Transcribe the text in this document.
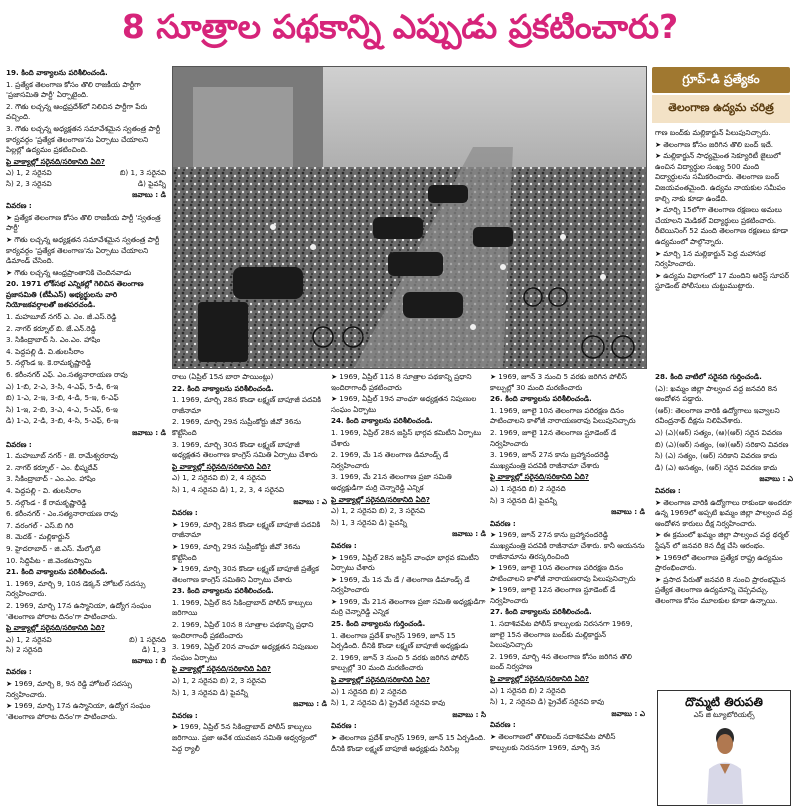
8 సూత్రాల పథకాన్ని ఎప్పుడు ప్రకటించారు?

19. కింది వాక్యాలను పరిశీలించండి.

1. ప్రత్యేక తెలంగాణ కోసం తొలి రాజకీయ పార్టీగా 'ప్రజాసమితి పార్టీ' ఏర్పాటైంది.

2. గౌతు లచ్చన్న ఆంధ్రప్రదేశ్‌లో నిలిచిన పార్టీగా పేరు వచ్చింది.

3. గౌతు లచ్చన్న అధ్యక్షతన సమావేశమైన స్వతంత్ర పార్టీ కార్యవర్గం 'ప్రత్యేక తెలంగాణ'ను ఏర్పాటు చేయాలని పిల్లల్లో ఉద్యమం ప్రకటించింది.

పై వాక్యాల్లో సరైనది/సరికానిది ఏది?

ఎ) 1, 2 సరైనవి	బి) 1, 3 సరైనవి
సి) 2, 3 సరైనవి	డి) పైవన్నీ

జవాబు : డి

వివరణ :

➤ ప్రత్యేక తెలంగాణ కోసం తొలి రాజకీయ పార్టీ 'స్వతంత్ర పార్టీ'

➤ గౌతు లచ్చన్న అధ్యక్షతన సమావేశమైన స్వతంత్ర పార్టీ కార్యవర్గం 'ప్రత్యేక తెలంగాణ'ను ఏర్పాటు చేయాలని డిమాండ్ చేసింది.

➤ గౌతు లచ్చన్న ఆంధ్రప్రాంతానికి చెందినవాడు

20. 1971 లోక్‌సభ ఎన్నికల్లో గెలిచిన తెలంగాణ ప్రజాసమితి (టీపీఎస్) అభ్యర్థులను వారి నియోజకవర్గాలతో జతపరచండి.

1. మహబూబ్ నగర్ ఎ. ఎం. జీ.ఎస్.రెడ్డి

2. నాగర్ కర్నూల్ బి. జే.ఎన్.రెడ్డి

3. సికింద్రాబాద్ సి. ఎం.ఎం. హాషిం

4. పెద్దపల్లి డి. వి.తులసీరాం

5. నల్గొండ ఇ. కె.రామకృష్ణారెడ్డి

6. కరీంనగర్ ఎఫ్. ఎం.సత్యనారాయణ రావు

ఎ) 1-బి, 2-ఎ, 3-సి, 4-ఎఫ్, 5-డి, 6-ఇ

బి) 1-ఎ, 2-ఇ, 3-బి, 4-డి, 5-ఇ, 6-ఎఫ్

సి) 1-ఇ, 2-బి, 3-ఎ, 4-ఎ, 5-ఎఫ్, 6-ఇ

డి) 1-ఎ, 2-డి, 3-బి, 4-సి, 5-ఎఫ్, 6-ఇ

జవాబు : డి

వివరణ :

1. మహబూబ్ నగర్ - జె. రామేశ్వరరావు

2. నాగర్ కర్నూల్ - ఎం. భీష్మదేవ్

3. సికింద్రాబాద్ - ఎం.ఎం. హాషిం

4. పెద్దపల్లి - వి. తులసీరాం

5. నల్గొండ - కే రామకృష్ణారెడ్డి

6. కరీంనగర్ - ఎం.సత్యనారాయణ రావు

7. వరంగల్ - ఎస్.బి గిరి

8. మెదక్ - మల్లికార్జున్

9. హైదరాబాద్ - జి.ఎస్. మేల్కోటె

10. సిద్దిపేట - జి.వెంకటస్వామి

21. కింది వాక్యాలను పరిశీలించండి.

1. 1969, మార్చి 9, 10న డెక్కన్ హోటల్ సదస్సు నిర్వహించారు.

2. 1969, మార్చి 17న ఉస్మానియా, ఉద్యోగ సంఘం 'తెలంగాణ పోరాట దినం'గా పాటించారు.

పై వాక్యాల్లో సరైనది/సరికానిది ఏది?

ఎ) 1, 2 సరైనవి	బి) 1 సరైనది
సి) 2 సరైనది	డి) 1, 3

జవాబు : బి

వివరణ :

➤ 1969, మార్చి 8, 9న రెడ్డి హోటల్ సదస్సు నిర్వహించారు.

➤ 1969, మార్చి 17న ఉస్మానియా, ఉద్యోగ సంఘం 'తెలంగాణ పోరాట దినం'గా పాటించారు.

గ్రూప్-డి ప్రత్యేకం
తెలంగాణ ఉద్యమ చరిత్ర

గాణ బంద్‌కు మల్లికార్జున్ పిలుపునిచ్చారు.

➤ తెలంగాణ కోసం జరిగిన తొలి బంద్ ఇదే.

➤ మల్లికార్జున్ సాధ్యమైంత సెక్యూరిటీ జైలులో ఉంచిన విద్యార్థుల సంఖ్య 500 మంది విద్యార్థులను సమీకరించారు. తెలంగాణ బంద్ విజయవంతమైంది. ఉద్యమ నాయకుల సమీపం కాల్చి నాకు కూడా ఉండేది.

➤ మార్చి 15లోగా తెలంగాణ రక్షణలు అమలు చేయాలని మెడికల్ విద్యార్థులు ప్రకటించారు. రీటెయినింగ్ 52 మంది తెలంగాణ రక్షణలు కూడా ఉద్యమంలో పాల్గొన్నారు.

➤ మార్చి 1న మల్లికార్జున్ పెద్ద మహాసభ నిర్వహించారు.

➤ ఉద్యమ విభాగంలో 17 మందిని అరెస్ట్ సూపర్ స్టూడెంట్ పోలీసులు చుట్టుముట్టారు.

రాలు (ఏప్రిల్ 15న బారా పాయింట్లు)

22. కింది వాక్యాలను పరిశీలించండి.

1. 1969, మార్చి 28న కొండా లక్ష్మణ్ బాపూజీ పదవికి రాజీనామా

2. 1969, మార్చి 29న సుప్రీంకోర్టు జీవో 36ను కొట్టేసింది

3. 1969, మార్చి 30న కొండా లక్ష్మణ్ బాపూజీ అధ్యక్షతన తెలంగాణ కాంగ్రెస్ సమితి ఏర్పాటు చేశారు

పై వాక్యాల్లో సరైనది/సరికానిది ఏది?

ఎ) 1, 2 సరైనవి బి) 2, 4 సరైనవి

సి) 1, 4 సరైనవి డి) 1, 2, 3, 4 సరైనవి

జవాబు : ఎ

వివరణ :

➤ 1969, మార్చి 28న కొండా లక్ష్మణ్ బాపూజీ పదవికి రాజీనామా

➤ 1969, మార్చి 29న సుప్రీంకోర్టు జీవో 36ను కొట్టేసింది

➤ 1969, మార్చి 30న కొండా లక్ష్మణ్ బాపూజీ ప్రత్యేక తెలంగాణ కాంగ్రెస్ సమితిని ఏర్పాటు చేశారు

23. కింది వాక్యాలను పరిశీలించండి.

1. 1969, ఏప్రిల్ 8న సికింద్రాబాద్ పోలీస్ కాల్పులు జరిగాయి

2. 1969, ఏప్రిల్ 10న 8 సూత్రాల పథకాన్ని ప్రధాని ఇందిరాగాంధీ ప్రకటించారు

3. 1969, ఏప్రిల్ 20న వాంఛూ అధ్యక్షతన నిపుణుల సంఘం ఏర్పాటు

పై వాక్యాల్లో సరైనది/సరికానిది ఏది?

ఎ) 1, 2 సరైనవి బి) 2, 3 సరైనవి

సి) 1, 3 సరైనవి డి) పైవన్నీ

జవాబు : డి

వివరణ :

➤ 1969, ఏప్రిల్ 5న సికింద్రాబాద్ పోలీస్ కాల్పులు జరిగాయి. ప్రజా ఆవేశ యువజన సమితి ఆధ్వర్యంలో పెద్ద ర్యాలీ

➤ 1969, ఏప్రిల్ 11న 8 సూత్రాల పథకాన్ని ప్రధాని ఇందిరాగాంధీ ప్రకటించారు

➤ 1969, ఏప్రిల్ 19న వాంఛూ అధ్యక్షతన నిపుణుల సంఘం ఏర్పాటు

24. కింది వాక్యాలను పరిశీలించండి.

1. 1969, ఏప్రిల్ 28న జస్టిస్ భార్గవ కమిటీని ఏర్పాటు చేశారు

2. 1969, మే 1న తెలంగాణ డిమాండ్స్ డే నిర్వహించారు

3. 1969, మే 21న తెలంగాణ ప్రజా సమితి అధ్యక్షుడిగా మర్రి చెన్నారెడ్డి ఎన్నిక

పై వాక్యాల్లో సరైనది/సరికానిది ఏది?

ఎ) 1, 2 సరైనవి బి) 2, 3 సరైనవి

సి) 1, 3 సరైనవి డి) పైవన్నీ

జవాబు : డి

వివరణ :

➤ 1969, ఏప్రిల్ 28న జస్టిస్ వాంఛూ భార్గవ కమిటీని ఏర్పాటు చేశారు

➤ 1969, మే 1న మే డే / తెలంగాణ డిమాండ్స్ డే నిర్వహించారు

➤ 1969, మే 21న తెలంగాణ ప్రజా సమితి అధ్యక్షుడిగా మర్రి చెన్నారెడ్డి ఎన్నిక

25. కింది వాక్యాలను గుర్తించండి.

1. తెలంగాణ ప్రదేశ్ కాంగ్రెస్ 1969, జూన్ 15 ఏర్పడింది. దీనికి కొండా లక్ష్మణ్ బాపూజీ అధ్యక్షుడు

2. 1969, జూన్ 3 నుంచి 5 వరకు జరిగిన పోలీస్ కాల్పుల్లో 30 మంది మరణించారు

పై వాక్యాల్లో సరైనది/సరికానిది ఏది?

ఎ) 1 సరైనది బి) 2 సరైనది

సి) 1, 2 సరైనవి డి) ప్రైవేటే సరైనవి కావు

జవాబు : సి

వివరణ :

➤ తెలంగాణ ప్రదేశ్ కాంగ్రెస్ 1969, జూన్ 15 ఏర్పడింది. దీనికి కొండా లక్ష్మణ్ బాపూజీ అధ్యక్షుడు సిరిసిల్ల

➤ 1969, జూన్ 3 నుంచి 5 వరకు జరిగిన పోలీస్ కాల్పుల్లో 30 మంది మరణించారు

26. కింది వాక్యాలను పరిశీలించండి.

1. 1969, జూలై 10న తెలంగాణ పరిరక్షణ దినం పాటించాలని కాళోజీ నారాయణరావు పిలుపునిచ్చారు

2. 1969, జూలై 12న తెలంగాణ స్టూడెంట్ డే నిర్వహించారు

3. 1969, జూన్ 27న కాను బ్రహ్మానందరెడ్డి ముఖ్యమంత్రి పదవికి రాజీనామా చేశారు

పై వాక్యాల్లో సరైనది/సరికానిది ఏది?

ఎ) 1 సరైనది బి) 2 సరైనది

సి) 3 సరైనది డి) పైవన్నీ

జవాబు : డి

వివరణ :

➤ 1969, జూన్ 27న కాను బ్రహ్మానందరెడ్డి ముఖ్యమంత్రి పదవికి రాజీనామా చేశారు. కానీ ఆయనను రాజీనామాను తిరస్కరించింది

➤ 1969, జూలై 10న తెలంగాణ పరిరక్షణ దినం పాటించాలని కాళోజీ నారాయణరావు పిలుపునిచ్చారు

➤ 1969, జూలై 12న తెలంగాణ స్టూడెంట్ డే నిర్వహించారు

27. కింది వాక్యాలను పరిశీలించండి.

1. సదాశివపేట పోలీస్ కాల్పులకు నిరసనగా 1969, జూలై 15న తెలంగాణ బంద్‌కు మల్లికార్జున్ పిలుపునిచ్చారు

2. 1969, మార్చి 4న తెలంగాణ కోసం జరిగిన తొలి బంద్ నిర్వహణ

పై వాక్యాల్లో సరైనది/సరికానిది ఏది?

ఎ) 1 సరైనది బి) 2 సరైనది

సి) 1, 2 సరైనవి డి) ప్రైవేట్ సరైనవి కావు

జవాబు : ఎ

వివరణ :

➤ తెలంగాణలో తొలిబంద్ సదాశివపేట పోలీస్ కాల్పులకు నిరసనగా 1969, మార్చి 3న

28. కింది వాటిలో సరైనది గుర్తించండి.

(ఎ): ఖమ్మం జిల్లా పాల్వంచ వద్ద జనవరి 8న ఆందోళన పడ్డారు.

(ఆర్): తెలంగాణ వారికి ఉద్యోగాలు ఇవ్వాలని రవీంద్రనాథ్ దీక్షను నిలిపివేశారు.

ఎ) (ఎ)(ఆర్) సత్యం, (ఆ)(ఆర్) సరైన వివరణ

బి) (ఎ)(ఆర్) సత్యం, (ఆ)(ఆర్) సరికాని వివరణ

సి) (ఎ) సత్యం, (ఆర్) సరికాని వివరణ కాదు

డి) (ఎ) అసత్యం, (ఆర్) సరైన వివరణ కాదు

జవాబు : ఎ

వివరణ :

➤ తెలంగాణ వారికి ఉద్యోగాలు రాకుండా అందరూ ఉన్న 1969లో అప్పటి ఖమ్మం జిల్లా పాల్వంచ వద్ద ఆందోళన కారులు దీక్ష నిర్వహించారు.

➤ ఈ క్రమంలో ఖమ్మం జిల్లా పాల్వంచ వద్ద థర్మల్ స్టేషన్ లో జనవరి 8న దీక్ష చేసి ఆరంభం.

➤ 1969లో తెలంగాణ ప్రత్యేక రాష్ట్ర ఉద్యమం ప్రారంభించారు.

➤ ప్రసాద పేరుతో జనవరి 8 నుంచి ప్రారంభమైన ప్రత్యేక తెలంగాణ ఉద్యమాన్ని చెప్పవచ్చు. తెలంగాణ కోసం మూలకుల కూడా ఉన్నాయి.

దొమ్మటి తిరుపతి
ఎస్ జి ట్యూటోరియల్స్
